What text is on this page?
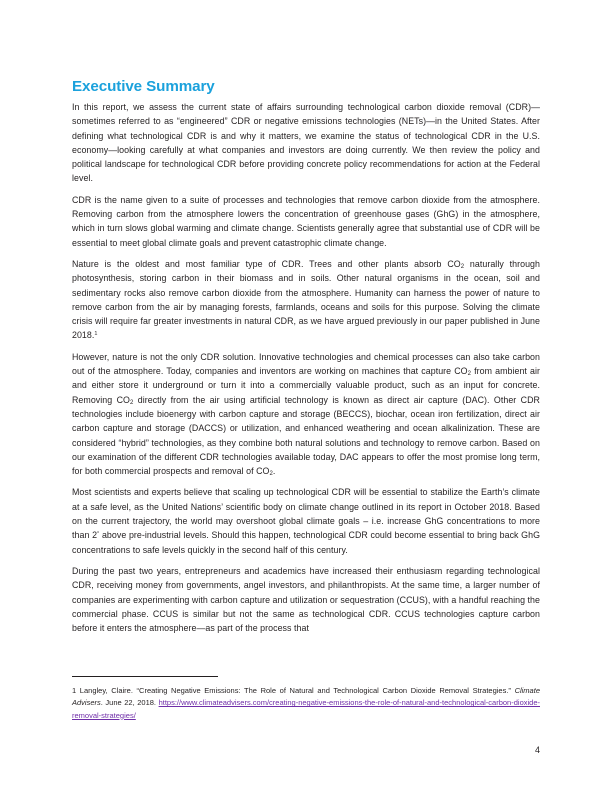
Executive Summary

In this report, we assess the current state of affairs surrounding technological carbon dioxide removal (CDR)—sometimes referred to as “engineered” CDR or negative emissions technologies (NETs)—in the United States. After defining what technological CDR is and why it matters, we examine the status of technological CDR in the U.S. economy—looking carefully at what companies and investors are doing currently. We then review the policy and political landscape for technological CDR before providing concrete policy recommendations for action at the Federal level.

CDR is the name given to a suite of processes and technologies that remove carbon dioxide from the atmosphere. Removing carbon from the atmosphere lowers the concentration of greenhouse gases (GhG) in the atmosphere, which in turn slows global warming and climate change. Scientists generally agree that substantial use of CDR will be essential to meet global climate goals and prevent catastrophic climate change.

Nature is the oldest and most familiar type of CDR. Trees and other plants absorb $CO_2$ naturally through photosynthesis, storing carbon in their biomass and in soils. Other natural organisms in the ocean, soil and sedimentary rocks also remove carbon dioxide from the atmosphere. Humanity can harness the power of nature to remove carbon from the air by managing forests, farmlands, oceans and soils for this purpose. Solving the climate crisis will require far greater investments in natural CDR, as we have argued previously in our paper published in June 2018.$^1$

However, nature is not the only CDR solution. Innovative technologies and chemical processes can also take carbon out of the atmosphere. Today, companies and inventors are working on machines that capture $CO_2$ from ambient air and either store it underground or turn it into a commercially valuable product, such as an input for concrete. Removing $CO_2$ directly from the air using artificial technology is known as direct air capture (DAC). Other CDR technologies include bioenergy with carbon capture and storage (BECCS), biochar, ocean iron fertilization, direct air carbon capture and storage (DACCS) or utilization, and enhanced weathering and ocean alkalinization. These are considered “hybrid” technologies, as they combine both natural solutions and technology to remove carbon. Based on our examination of the different CDR technologies available today, DAC appears to offer the most promise long term, for both commercial prospects and removal of $CO_2$.

Most scientists and experts believe that scaling up technological CDR will be essential to stabilize the Earth’s climate at a safe level, as the United Nations’ scientific body on climate change outlined in its report in October 2018. Based on the current trajectory, the world may overshoot global climate goals – i.e. increase GhG concentrations to more than 2° above pre-industrial levels. Should this happen, technological CDR could become essential to bring back GhG concentrations to safe levels quickly in the second half of this century.

During the past two years, entrepreneurs and academics have increased their enthusiasm regarding technological CDR, receiving money from governments, angel investors, and philanthropists. At the same time, a larger number of companies are experimenting with carbon capture and utilization or sequestration (CCUS), with a handful reaching the commercial phase. CCUS is similar but not the same as technological CDR. CCUS technologies capture carbon before it enters the atmosphere—as part of the process that

1 Langley, Claire. “Creating Negative Emissions: The Role of Natural and Technological Carbon Dioxide Removal Strategies.” Climate Advisers. June 22, 2018. https://www.climateadvisers.com/creating-negative-emissions-the-role-of-natural-and-technological-carbon-dioxide-removal-strategies/

4
